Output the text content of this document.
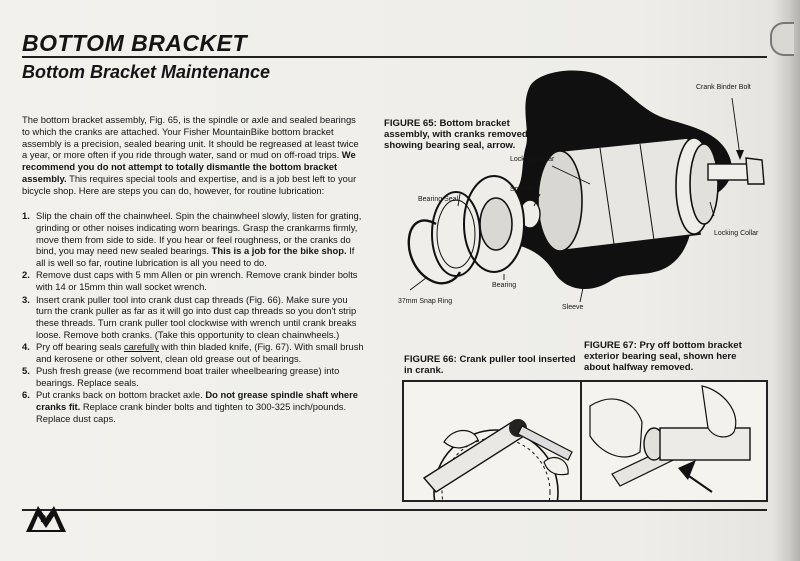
BOTTOM BRACKET
Bottom Bracket Maintenance

The bottom bracket assembly, Fig. 65, is the spindle or axle and sealed bearings to which the cranks are attached. Your Fisher MountainBike bottom bracket assembly is a precision, sealed bearing unit. It should be regreased at least twice a year, or more often if you ride through water, sand or mud on off-road trips. We recommend you do not attempt to totally dismantle the bottom bracket assembly. This requires special tools and expertise, and is a job best left to your bicycle shop. Here are steps you can do, however, for routine lubrication:

1. Slip the chain off the chainwheel. Spin the chainwheel slowly, listen for grating, grinding or other noises indicating worn bearings. Grasp the crankarms firmly, move them from side to side. If you hear or feel roughness, or the cranks do bind, you may need new sealed bearings. This is a job for the bike shop. If all is well so far, routine lubrication is all you need to do.
2. Remove dust caps with 5 mm Allen or pin wrench. Remove crank binder bolts with 14 or 15mm thin wall socket wrench.
3. Insert crank puller tool into crank dust cap threads (Fig. 66). Make sure you turn the crank puller as far as it will go into dust cap threads so you don't strip these threads. Turn crank puller tool clockwise with wrench until crank breaks loose. Remove both cranks. (Take this opportunity to clean chainwheels.)
4. Pry off bearing seals carefully with thin bladed knife, (Fig. 67). With small brush and kerosene or other solvent, clean old grease out of bearings.
5. Push fresh grease (we recommend boat trailer wheelbearing grease) into bearings. Replace seals.
6. Put cranks back on bottom bracket axle. Do not grease spindle shaft where cranks fit. Replace crank binder bolts and tighten to 300-325 inch/pounds. Replace dust caps.

FIGURE 65: Bottom bracket assembly, with cranks removed, showing bearing seal, arrow.

Crank Binder Bolt
Locking Collar
Spindle
Bearing Seal
Locking Collar
Bearing
37mm Snap Ring
Sleeve

FIGURE 66: Crank puller tool inserted in crank.

FIGURE 67: Pry off bottom bracket exterior bearing seal, shown here about halfway removed.

26
